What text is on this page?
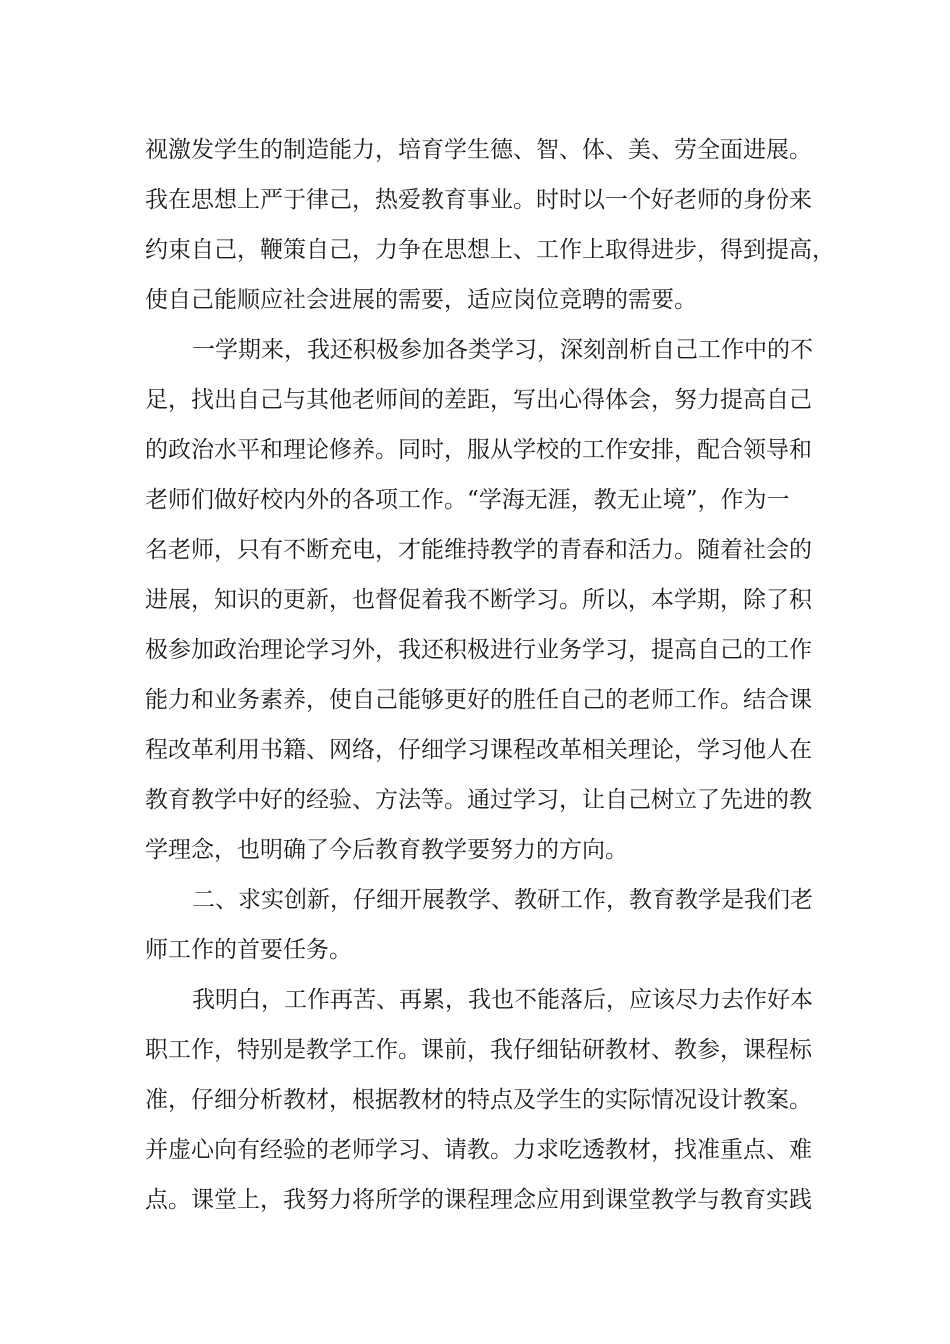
视激发学生的制造能力，培育学生德、智、体、美、劳全面进展。
我在思想上严于律己，热爱教育事业。时时以一个好老师的身份来
约束自己，鞭策自己，力争在思想上、工作上取得进步，得到提高，
使自己能顺应社会进展的需要，适应岗位竞聘的需要。
一学期来，我还积极参加各类学习，深刻剖析自己工作中的不
足，找出自己与其他老师间的差距，写出心得体会，努力提高自己
的政治水平和理论修养。同时，服从学校的工作安排，配合领导和
老师们做好校内外的各项工作。“学海无涯，教无止境”，作为一
名老师，只有不断充电，才能维持教学的青春和活力。随着社会的
进展，知识的更新，也督促着我不断学习。所以，本学期，除了积
极参加政治理论学习外，我还积极进行业务学习，提高自己的工作
能力和业务素养，使自己能够更好的胜任自己的老师工作。结合课
程改革利用书籍、网络，仔细学习课程改革相关理论，学习他人在
教育教学中好的经验、方法等。通过学习，让自己树立了先进的教
学理念，也明确了今后教育教学要努力的方向。
二、求实创新，仔细开展教学、教研工作，教育教学是我们老
师工作的首要任务。
我明白，工作再苦、再累，我也不能落后，应该尽力去作好本
职工作，特别是教学工作。课前，我仔细钻研教材、教参，课程标
准，仔细分析教材，根据教材的特点及学生的实际情况设计教案。
并虚心向有经验的老师学习、请教。力求吃透教材，找准重点、难
点。课堂上，我努力将所学的课程理念应用到课堂教学与教育实践
